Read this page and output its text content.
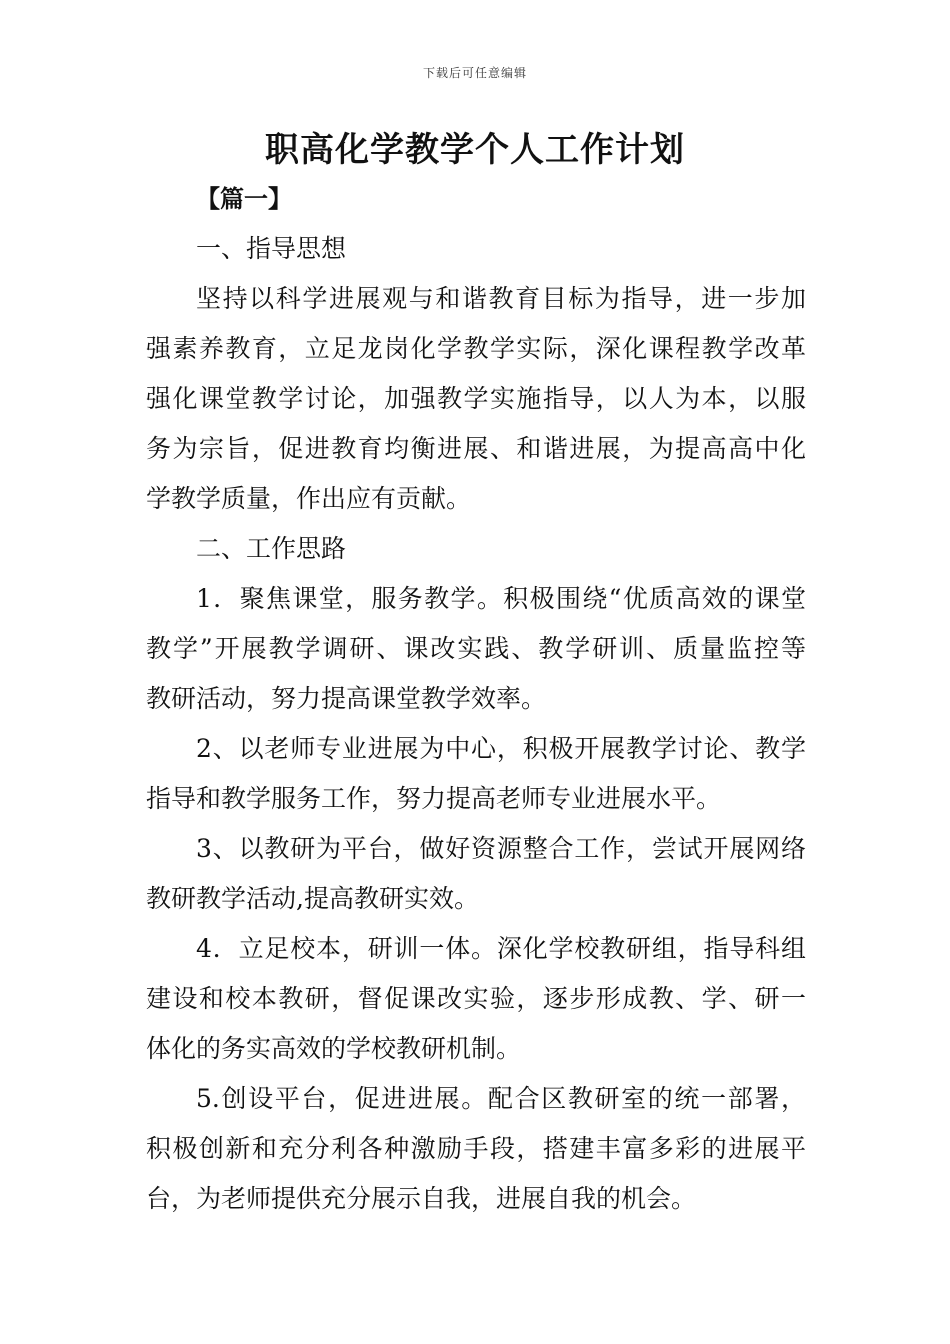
下载后可任意编辑
职高化学教学个人工作计划
【篇一】
一、指导思想
坚持以科学进展观与和谐教育目标为指导，进一步加
强素养教育，立足龙岗化学教学实际，深化课程教学改革
强化课堂教学讨论，加强教学实施指导，以人为本，以服
务为宗旨，促进教育均衡进展、和谐进展，为提高高中化
学教学质量，作出应有贡献。
二、工作思路
1．聚焦课堂，服务教学。积极围绕“优质高效的课堂
教学”开展教学调研、课改实践、教学研训、质量监控等
教研活动，努力提高课堂教学效率。
2、以老师专业进展为中心，积极开展教学讨论、教学
指导和教学服务工作，努力提高老师专业进展水平。
3、以教研为平台，做好资源整合工作，尝试开展网络
教研教学活动,提高教研实效。
4．立足校本，研训一体。深化学校教研组，指导科组
建设和校本教研，督促课改实验，逐步形成教、学、研一
体化的务实高效的学校教研机制。
5.创设平台，促进进展。配合区教研室的统一部署，
积极创新和充分利各种激励手段，搭建丰富多彩的进展平
台，为老师提供充分展示自我，进展自我的机会。
